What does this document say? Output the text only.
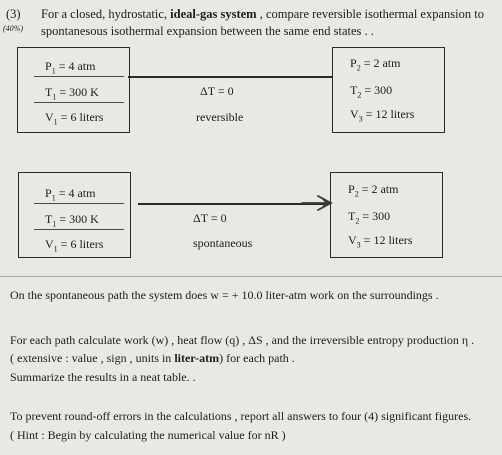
(3)
(40%)
For a closed, hydrostatic, ideal-gas system , compare reversible isothermal expansion to
spontanesous isothermal expansion between the same end states . .
$P_1 = 4$ atm
$T_1 = 300$ K
$V_1 = 6$ liters
ΔT = 0
reversible
$P_2 = 2$ atm
$T_2 = 300$
$V_3 = 12$ liters
$P_1 = 4$ atm
$T_1 = 300$ K
$V_1 = 6$ liters
ΔT = 0
spontaneous
$P_2 = 2$ atm
$T_2 = 300$
$V_3 = 12$ liters
On the spontaneous path the system does w = + 10.0 liter-atm work on the surroundings .
For each path calculate work (w) , heat flow (q) , ΔS , and the irreversible entropy production η .
( extensive : value , sign , units in liter-atm) for each path .
Summarize the results in a neat table. .
To prevent round-off errors in the calculations , report all answers to four (4) significant figures.
( Hint : Begin by calculating the numerical value for nR )
